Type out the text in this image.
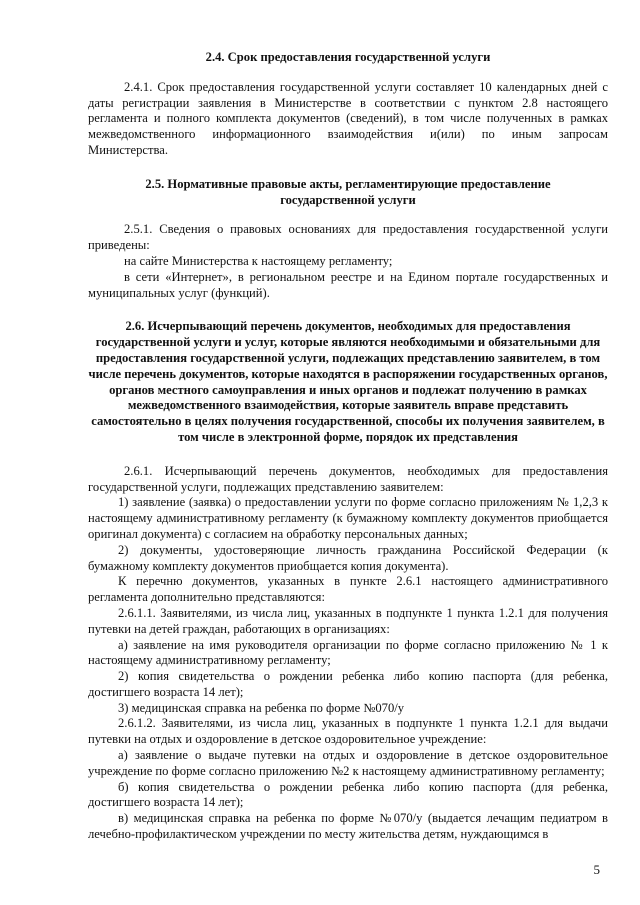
2.4. Срок предоставления государственной услуги

2.4.1. Срок предоставления государственной услуги составляет 10 календарных дней с даты регистрации заявления в Министерстве в соответствии с пунктом 2.8 настоящего регламента и полного комплекта документов (сведений), в том числе полученных в рамках межведомственного информационного взаимодействия и(или) по иным запросам Министерства.

2.5. Нормативные правовые акты, регламентирующие предоставление государственной услуги

2.5.1. Сведения о правовых основаниях для предоставления государственной услуги приведены:

на сайте Министерства к настоящему регламенту;

в сети «Интернет», в региональном реестре и на Едином портале государственных и муниципальных услуг (функций).

2.6. Исчерпывающий перечень документов, необходимых для предоставления государственной услуги и услуг, которые являются необходимыми и обязательными для предоставления государственной услуги, подлежащих представлению заявителем, в том числе перечень документов, которые находятся в распоряжении государственных органов, органов местного самоуправления и иных органов и подлежат получению в рамках межведомственного взаимодействия, которые заявитель вправе представить самостоятельно в целях получения государственной, способы их получения заявителем, в том числе в электронной форме, порядок их представления

2.6.1. Исчерпывающий перечень документов, необходимых для предоставления государственной услуги, подлежащих представлению заявителем:

1) заявление (заявка) о предоставлении услуги по форме согласно приложениям № 1,2,3 к настоящему административному регламенту (к бумажному комплекту документов приобщается оригинал документа) с согласием на обработку персональных данных;

2) документы, удостоверяющие личность гражданина Российской Федерации (к бумажному комплекту документов приобщается копия документа).

К перечню документов, указанных в пункте 2.6.1 настоящего административного регламента дополнительно представляются:

2.6.1.1. Заявителями, из числа лиц, указанных в подпункте 1 пункта 1.2.1 для получения путевки на детей граждан, работающих в организациях:

а) заявление на имя руководителя организации по форме согласно приложению № 1 к настоящему административному регламенту;

2) копия свидетельства о рождении ребенка либо копию паспорта (для ребенка, достигшего возраста 14 лет);

3) медицинская справка на ребенка по форме №070/у

2.6.1.2. Заявителями, из числа лиц, указанных в подпункте 1 пункта 1.2.1 для выдачи путевки на отдых и оздоровление в детское оздоровительное учреждение:

а) заявление о выдаче путевки на отдых и оздоровление в детское оздоровительное учреждение по форме согласно приложению №2 к настоящему административному регламенту;

б) копия свидетельства о рождении ребенка либо копию паспорта (для ребенка, достигшего возраста 14 лет);

в) медицинская справка на ребенка по форме №070/у (выдается лечащим педиатром в лечебно-профилактическом учреждении по месту жительства детям, нуждающимся в

5
